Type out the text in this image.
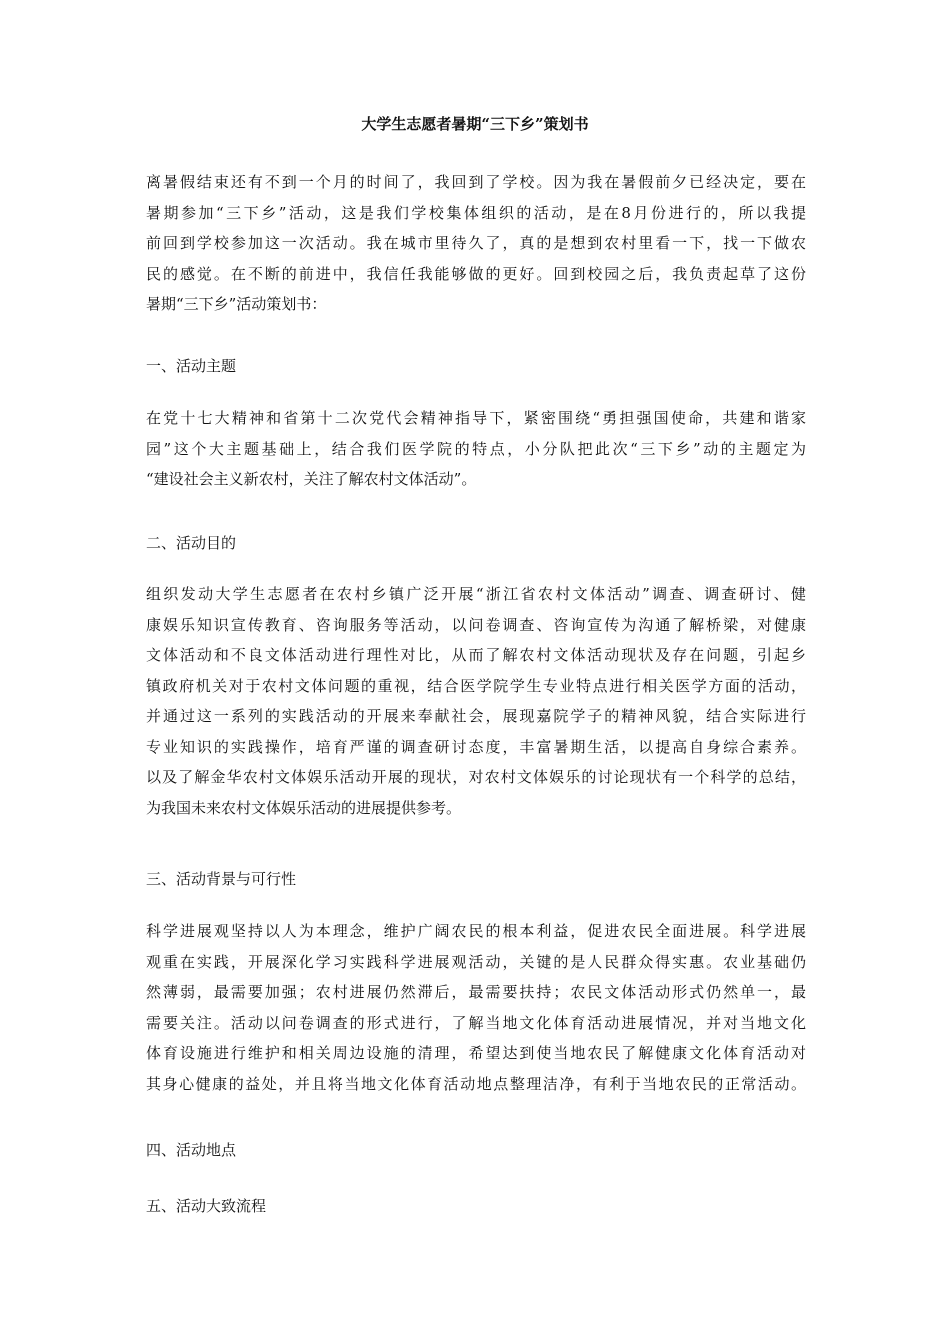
大学生志愿者暑期“三下乡”策划书
离暑假结束还有不到一个月的时间了，我回到了学校。因为我在暑假前夕已经决定，要在
暑期参加“三下乡”活动，这是我们学校集体组织的活动，是在8月份进行的，所以我提
前回到学校参加这一次活动。我在城市里待久了，真的是想到农村里看一下，找一下做农
民的感觉。在不断的前进中，我信任我能够做的更好。回到校园之后，我负责起草了这份
暑期“三下乡”活动策划书：
一、活动主题
在党十七大精神和省第十二次党代会精神指导下，紧密围绕“勇担强国使命，共建和谐家
园”这个大主题基础上，结合我们医学院的特点，小分队把此次“三下乡”动的主题定为
“建设社会主义新农村，关注了解农村文体活动”。
二、活动目的
组织发动大学生志愿者在农村乡镇广泛开展“浙江省农村文体活动”调查、调查研讨、健
康娱乐知识宣传教育、咨询服务等活动，以问卷调查、咨询宣传为沟通了解桥梁，对健康
文体活动和不良文体活动进行理性对比，从而了解农村文体活动现状及存在问题，引起乡
镇政府机关对于农村文体问题的重视，结合医学院学生专业特点进行相关医学方面的活动，
并通过这一系列的实践活动的开展来奉献社会，展现嘉院学子的精神风貌，结合实际进行
专业知识的实践操作，培育严谨的调查研讨态度，丰富暑期生活，以提高自身综合素养。
以及了解金华农村文体娱乐活动开展的现状，对农村文体娱乐的讨论现状有一个科学的总结，
为我国未来农村文体娱乐活动的进展提供参考。
三、活动背景与可行性
科学进展观坚持以人为本理念，维护广阔农民的根本利益，促进农民全面进展。科学进展
观重在实践，开展深化学习实践科学进展观活动，关键的是人民群众得实惠。农业基础仍
然薄弱，最需要加强；农村进展仍然滞后，最需要扶持；农民文体活动形式仍然单一，最
需要关注。活动以问卷调查的形式进行，了解当地文化体育活动进展情况，并对当地文化
体育设施进行维护和相关周边设施的清理，希望达到使当地农民了解健康文化体育活动对
其身心健康的益处，并且将当地文化体育活动地点整理洁净，有利于当地农民的正常活动。
四、活动地点
五、活动大致流程
